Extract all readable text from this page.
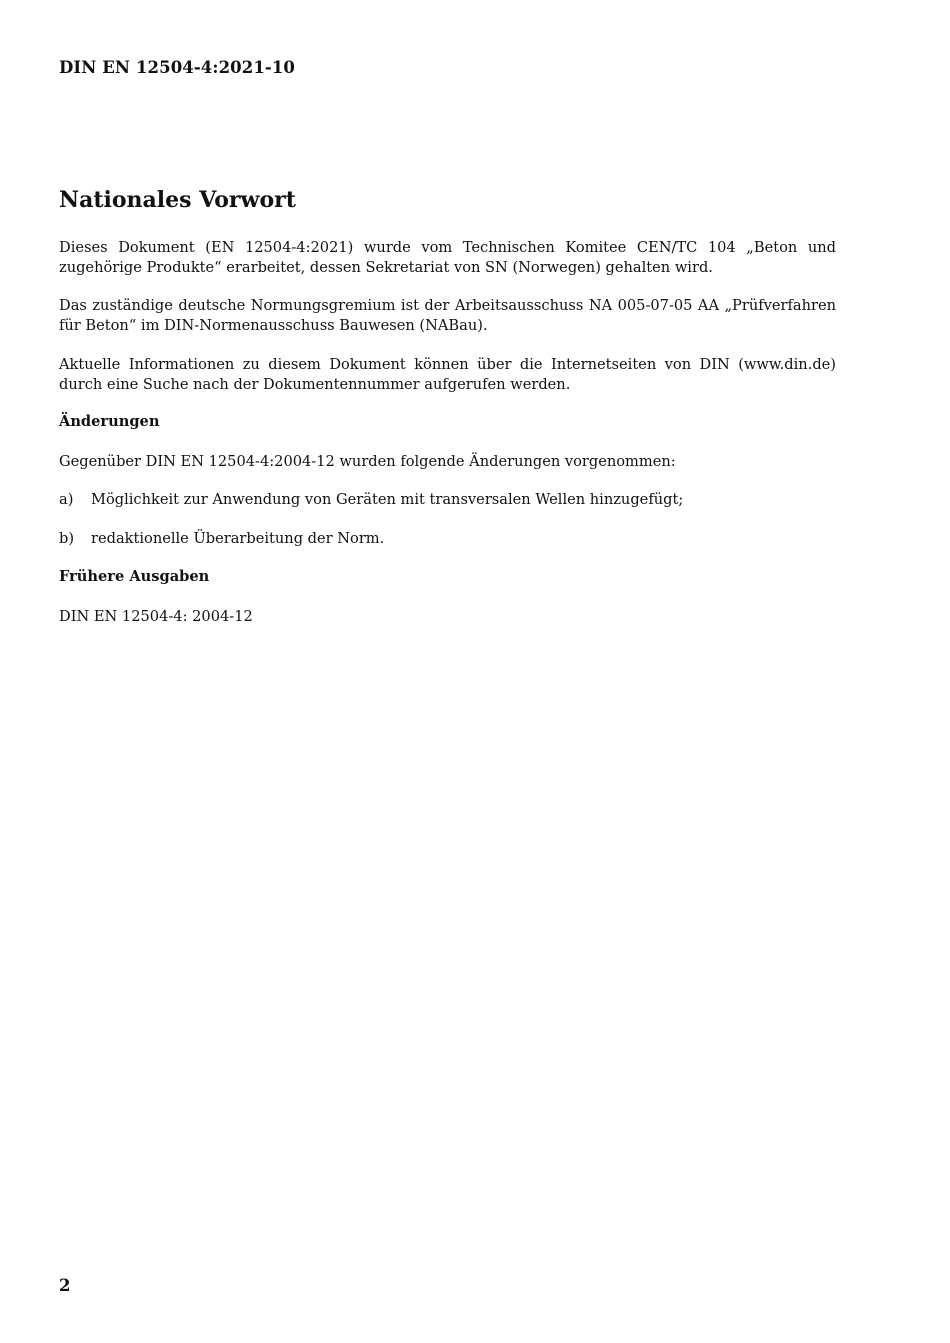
DIN EN 12504-4:2021-10
Nationales Vorwort

Dieses Dokument (EN 12504-4:2021) wurde vom Technischen Komitee CEN/TC 104 „Beton und zugehörige Produkte“ erarbeitet, dessen Sekretariat von SN (Norwegen) gehalten wird.

Das zuständige deutsche Normungsgremium ist der Arbeitsausschuss NA 005-07-05 AA „Prüfverfahren für Beton“ im DIN-Normenausschuss Bauwesen (NABau).

Aktuelle Informationen zu diesem Dokument können über die Internetseiten von DIN (www.din.de) durch eine Suche nach der Dokumentennummer aufgerufen werden.

Änderungen

Gegenüber DIN EN 12504-4:2004-12 wurden folgende Änderungen vorgenommen:

a) Möglichkeit zur Anwendung von Geräten mit transversalen Wellen hinzugefügt;
b) redaktionelle Überarbeitung der Norm.
Frühere Ausgaben

DIN EN 12504-4: 2004-12

2
